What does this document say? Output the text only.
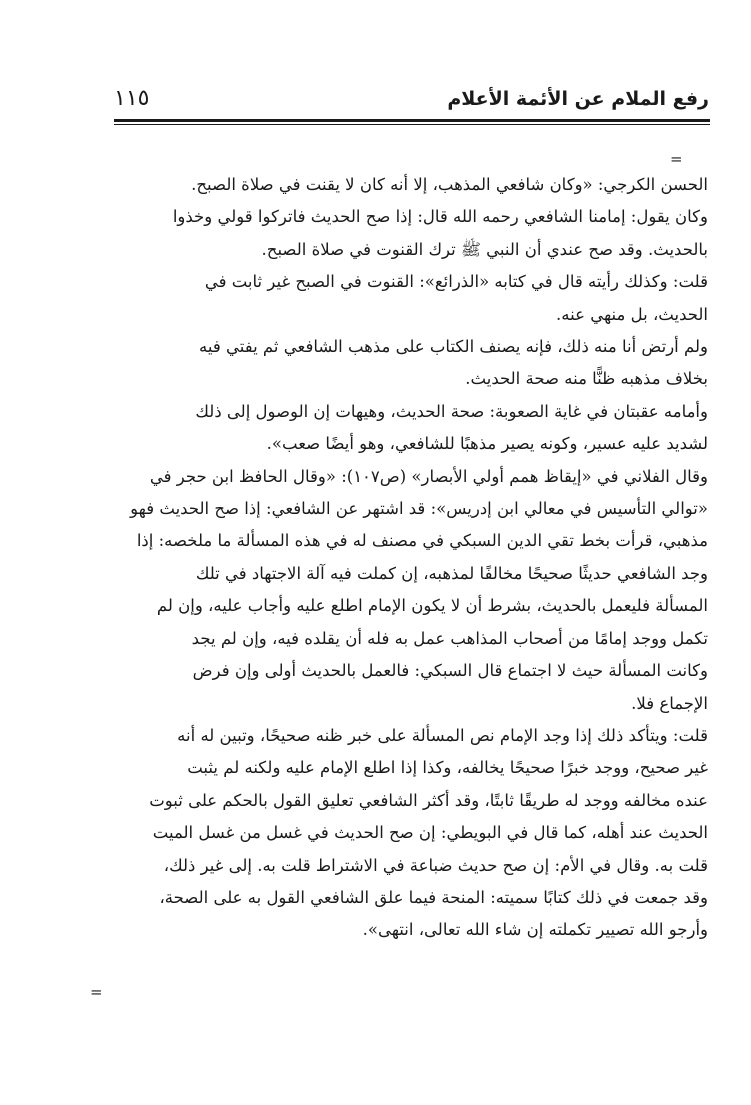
رفع الملام عن الأئمة الأعلام
١١٥
=
الحسن الكرجي: «وكان شافعي المذهب، إلا أنه كان لا يقنت في صلاة الصبح.
وكان يقول: إمامنا الشافعي رحمه الله قال: إذا صح الحديث فاتركوا قولي وخذوا
بالحديث. وقد صح عندي أن النبي ﷺ ترك القنوت في صلاة الصبح.
قلت: وكذلك رأيته قال في كتابه «الذرائع»: القنوت في الصبح غير ثابت في
الحديث، بل منهي عنه.
ولم أرتض أنا منه ذلك، فإنه يصنف الكتاب على مذهب الشافعي ثم يفتي فيه
بخلاف مذهبه ظنًّا منه صحة الحديث.
وأمامه عقبتان في غاية الصعوبة: صحة الحديث، وهيهات إن الوصول إلى ذلك
لشديد عليه عسير، وكونه يصير مذهبًا للشافعي، وهو أيضًا صعب».
وقال الفلاني في «إيقاظ همم أولي الأبصار» (ص١٠٧): «وقال الحافظ ابن حجر في
«توالي التأسيس في معالي ابن إدريس»: قد اشتهر عن الشافعي: إذا صح الحديث فهو
مذهبي، قرأت بخط تقي الدين السبكي في مصنف له في هذه المسألة ما ملخصه: إذا
وجد الشافعي حديثًا صحيحًا مخالفًا لمذهبه، إن كملت فيه آلة الاجتهاد في تلك
المسألة فليعمل بالحديث، بشرط أن لا يكون الإمام اطلع عليه وأجاب عليه، وإن لم
تكمل ووجد إمامًا من أصحاب المذاهب عمل به فله أن يقلده فيه، وإن لم يجد
وكانت المسألة حيث لا اجتماع قال السبكي: فالعمل بالحديث أولى وإن فرض
الإجماع فلا.
قلت: ويتأكد ذلك إذا وجد الإمام نص المسألة على خبر ظنه صحيحًا، وتبين له أنه
غير صحيح، ووجد خبرًا صحيحًا يخالفه، وكذا إذا اطلع الإمام عليه ولكنه لم يثبت
عنده مخالفه ووجد له طريقًا ثابتًا، وقد أكثر الشافعي تعليق القول بالحكم على ثبوت
الحديث عند أهله، كما قال في البويطي: إن صح الحديث في غسل من غسل الميت
قلت به. وقال في الأم: إن صح حديث ضباعة في الاشتراط قلت به. إلى غير ذلك،
وقد جمعت في ذلك كتابًا سميته: المنحة فيما علق الشافعي القول به على الصحة،
وأرجو الله تصيير تكملته إن شاء الله تعالى، انتهى».
=
